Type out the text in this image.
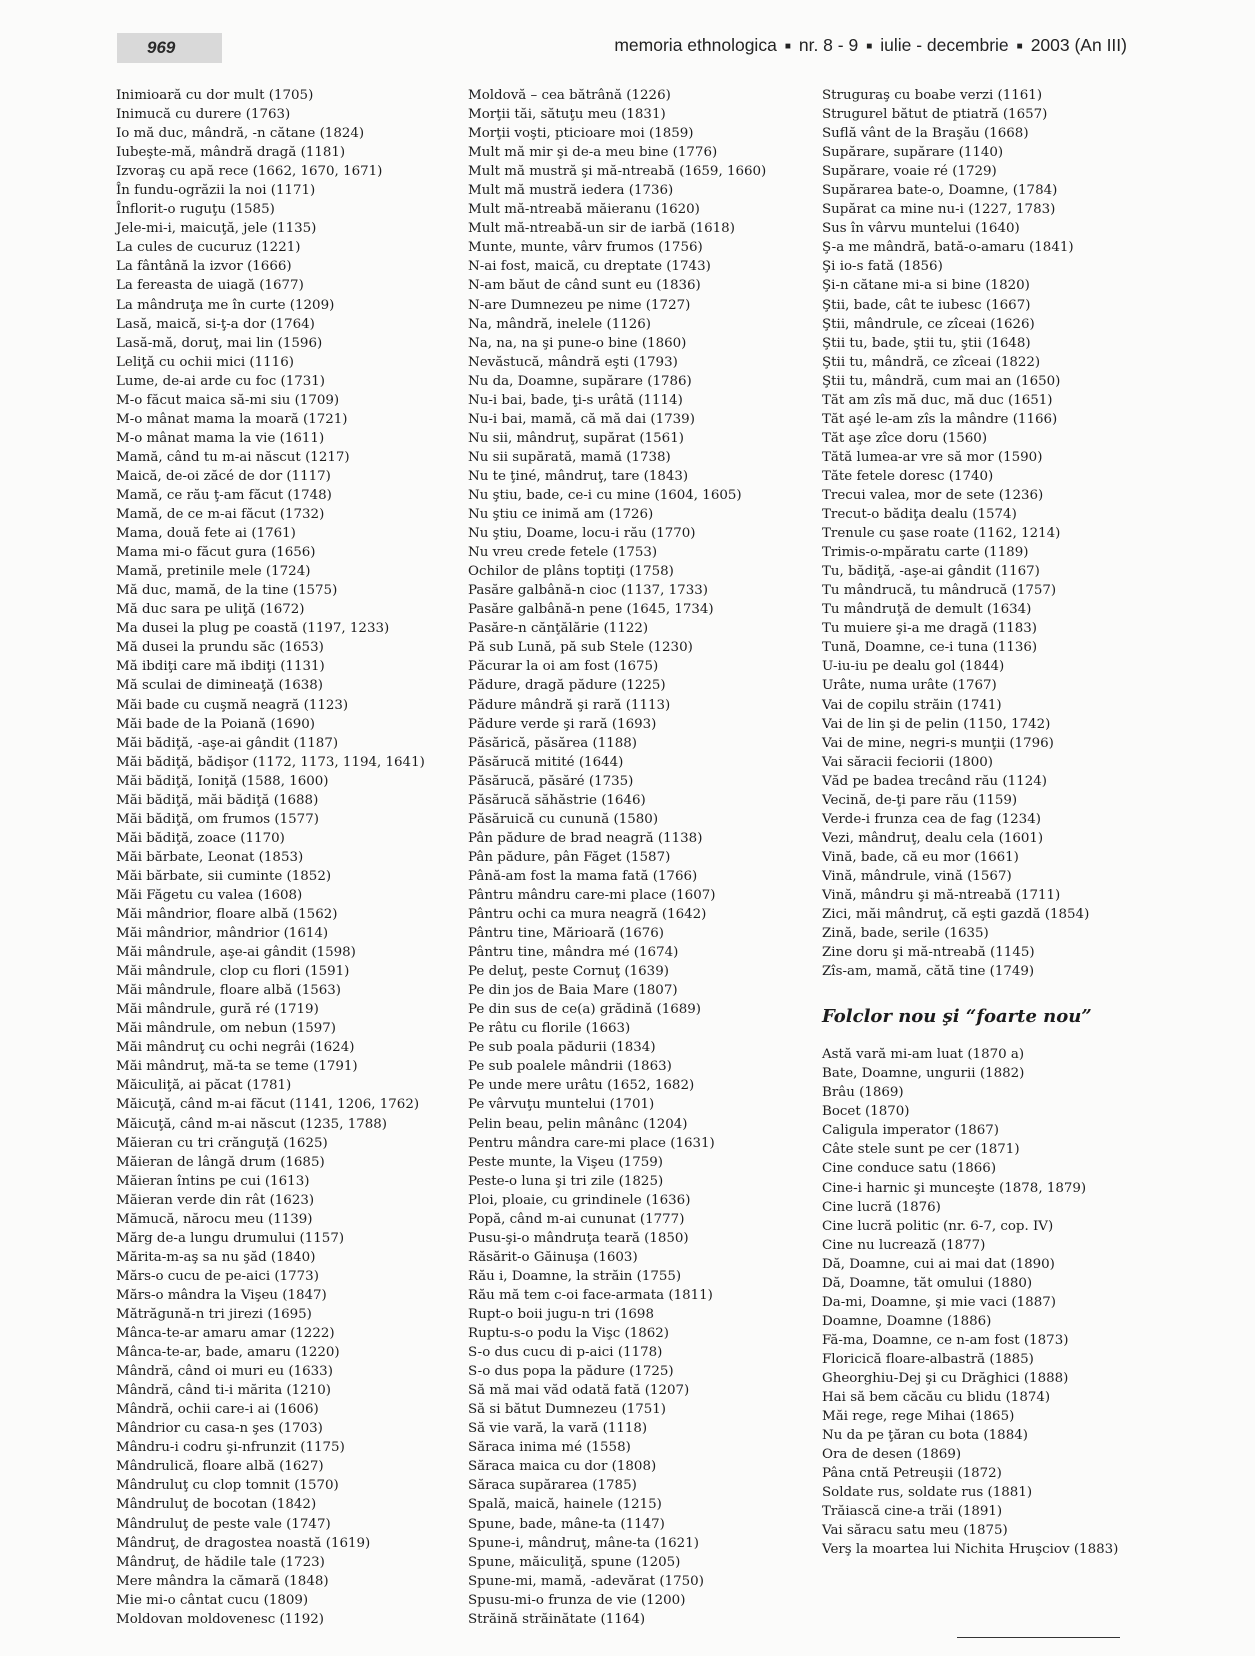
969	memoria ethnologica ■ nr. 8 - 9 ■ iulie - decembrie ■ 2003 (An III)
Inimioară cu dor mult (1705)
Inimucă cu durere (1763)
Io mă duc, mândră, -n cătane (1824)
Iubeşte-mă, mândră dragă (1181)
Izvoraş cu apă rece (1662, 1670, 1671)
În fundu-ogrăzii la noi (1171)
Înflorit-o ruguţu (1585)
Jele-mi-i, maicuţă, jele (1135)
La cules de cucuruz (1221)
La fântână la izvor (1666)
La fereasta de uiagă (1677)
La mândruţa me în curte (1209)
Lasă, maică, si-ţ-a dor (1764)
Lasă-mă, doruţ, mai lin (1596)
Leliţă cu ochii mici (1116)
Lume, de-ai arde cu foc (1731)
M-o făcut maica să-mi siu (1709)
M-o mânat mama la moară (1721)
M-o mânat mama la vie (1611)
Mamă, când tu m-ai născut (1217)
Maică, de-oi zăcé de dor (1117)
Mamă, ce rău ţ-am făcut (1748)
Mamă, de ce m-ai făcut (1732)
Mama, două fete ai (1761)
Mama mi-o făcut gura (1656)
Mamă, pretinile mele (1724)
Mă duc, mamă, de la tine (1575)
Mă duc sara pe uliţă (1672)
Ma dusei la plug pe coastă (1197, 1233)
Mă dusei la prundu săc (1653)
Mă ibdiţi care mă ibdiţi (1131)
Mă sculai de dimineaţă (1638)
Măi bade cu cuşmă neagră (1123)
Măi bade de la Poiană (1690)
Măi bădiţă, -aşe-ai gândit (1187)
Măi bădiţă, bădişor (1172, 1173, 1194, 1641)
Măi bădiţă, Ioniţă (1588, 1600)
Măi bădiţă, măi bădiţă (1688)
Măi bădiţă, om frumos (1577)
Măi bădiţă, zoace (1170)
Măi bărbate, Leonat (1853)
Măi bărbate, sii cuminte (1852)
Măi Făgetu cu valea (1608)
Măi mândrior, floare albă (1562)
Măi mândrior, mândrior (1614)
Măi mândrule, aşe-ai gândit (1598)
Măi mândrule, clop cu flori (1591)
Măi mândrule, floare albă (1563)
Măi mândrule, gură ré (1719)
Măi mândrule, om nebun (1597)
Măi mândruţ cu ochi negrâi (1624)
Măi mândruţ, mă-ta se teme (1791)
Măiculiţă, ai păcat (1781)
Măicuţă, când m-ai făcut (1141, 1206, 1762)
Măicuţă, când m-ai născut (1235, 1788)
Măieran cu tri crănguţă (1625)
Măieran de lângă drum (1685)
Măieran întins pe cui (1613)
Măieran verde din rât (1623)
Mămucă, nărocu meu (1139)
Mărg de-a lungu drumului (1157)
Mărita-m-aş sa nu şăd (1840)
Mărs-o cucu de pe-aici (1773)
Mărs-o mândra la Vişeu (1847)
Mătrăgună-n tri jirezi (1695)
Mânca-te-ar amaru amar (1222)
Mânca-te-ar, bade, amaru (1220)
Mândră, când oi muri eu (1633)
Mândră, când ti-i mărita (1210)
Mândră, ochii care-i ai (1606)
Mândrior cu casa-n şes (1703)
Mândru-i codru şi-nfrunzit (1175)
Mândrulică, floare albă (1627)
Mândruluţ cu clop tomnit (1570)
Mândruluţ de bocotan (1842)
Mândruluţ de peste vale (1747)
Mândruţ, de dragostea noastă (1619)
Mândruţ, de hădile tale (1723)
Mere mândra la cămară (1848)
Mie mi-o cântat cucu (1809)
Moldovan moldovenesc (1192)
Moldovă – cea bătrână (1226)
Morţii tăi, sătuţu meu (1831)
Morţii voşti, pticioare moi (1859)
Mult mă mir şi de-a meu bine (1776)
Mult mă mustră şi mă-ntreabă (1659, 1660)
Mult mă mustră iedera (1736)
Mult mă-ntreabă măieranu (1620)
Mult mă-ntreabă-un sir de iarbă (1618)
Munte, munte, vârv frumos (1756)
N-ai fost, maică, cu dreptate (1743)
N-am băut de când sunt eu (1836)
N-are Dumnezeu pe nime (1727)
Na, mândră, inelele (1126)
Na, na, na şi pune-o bine (1860)
Nevăstucă, mândră eşti (1793)
Nu da, Doamne, supărare (1786)
Nu-i bai, bade, ţi-s urâtă (1114)
Nu-i bai, mamă, că mă dai (1739)
Nu sii, mândruţ, supărat (1561)
Nu sii supărată, mamă (1738)
Nu te ţiné, mândruţ, tare (1843)
Nu ştiu, bade, ce-i cu mine (1604, 1605)
Nu ştiu ce inimă am (1726)
Nu ştiu, Doame, locu-i rău (1770)
Nu vreu crede fetele (1753)
Ochilor de plâns toptiţi (1758)
Pasăre galbână-n cioc (1137, 1733)
Pasăre galbână-n pene (1645, 1734)
Pasăre-n cănţălărie (1122)
Pă sub Lună, pă sub Stele (1230)
Păcurar la oi am fost (1675)
Pădure, dragă pădure (1225)
Pădure mândră şi rară (1113)
Pădure verde şi rară (1693)
Păsărică, păsărea (1188)
Păsărucă mitité (1644)
Păsărucă, păsăré (1735)
Păsărucă săhăstrie (1646)
Păsăruică cu cunună (1580)
Pân pădure de brad neagră (1138)
Pân pădure, pân Făget (1587)
Până-am fost la mama fată (1766)
Pântru mândru care-mi place (1607)
Pântru ochi ca mura neagră (1642)
Pântru tine, Mărioară (1676)
Pântru tine, mândra mé (1674)
Pe deluţ, peste Cornuţ (1639)
Pe din jos de Baia Mare (1807)
Pe din sus de ce(a) grădină (1689)
Pe râtu cu florile (1663)
Pe sub poala pădurii (1834)
Pe sub poalele mândrii (1863)
Pe unde mere urâtu (1652, 1682)
Pe vârvuţu muntelui (1701)
Pelin beau, pelin mânânc (1204)
Pentru mândra care-mi place (1631)
Peste munte, la Vişeu (1759)
Peste-o luna şi tri zile (1825)
Ploi, ploaie, cu grindinele (1636)
Popă, când m-ai cununat (1777)
Pusu-şi-o mândruţa teară (1850)
Răsărit-o Găinuşa (1603)
Rău i, Doamne, la străin (1755)
Rău mă tem c-oi face-armata (1811)
Rupt-o boii jugu-n tri (1698
Ruptu-s-o podu la Vişc (1862)
S-o dus cucu di p-aici (1178)
S-o dus popa la pădure (1725)
Să mă mai văd odată fată (1207)
Să si bătut Dumnezeu (1751)
Să vie vară, la vară (1118)
Săraca inima mé (1558)
Săraca maica cu dor (1808)
Săraca supărarea (1785)
Spală, maică, hainele (1215)
Spune, bade, mâne-ta (1147)
Spune-i, mândruţ, mâne-ta (1621)
Spune, măiculiţă, spune (1205)
Spune-mi, mamă, -adevărat (1750)
Spusu-mi-o frunza de vie (1200)
Străină străinătate (1164)
Strugurаş cu boabe verzi (1161)
Strugurel bătut de ptiatră (1657)
Suflă vânt de la Braşău (1668)
Supărare, supărare (1140)
Supărare, voaie ré (1729)
Supărarea bate-o, Doamne, (1784)
Supărat ca mine nu-i (1227, 1783)
Sus în vârvu muntelui (1640)
Ş-a me mândră, bată-o-amaru (1841)
Şi io-s fată (1856)
Şi-n cătane mi-a si bine (1820)
Ştii, bade, cât te iubesc (1667)
Ştii, mândrule, ce zîceai (1626)
Ştii tu, bade, ştii tu, ştii (1648)
Ştii tu, mândră, ce zîceai (1822)
Ştii tu, mândră, cum mai an (1650)
Tăt am zîs mă duc, mă duc (1651)
Tăt aşé le-am zîs la mândre (1166)
Tăt aşe zîce doru (1560)
Tătă lumea-ar vre să mor (1590)
Tăte fetele doresc (1740)
Trecui valea, mor de sete (1236)
Trecut-o bădiţa dealu (1574)
Trenule cu şase roate (1162, 1214)
Trimis-o-mpăratu carte (1189)
Tu, bădiţă, -aşe-ai gândit (1167)
Tu mândrucă, tu mândrucă (1757)
Tu mândruţă de demult (1634)
Tu muiere şi-a me dragă (1183)
Tună, Doamne, ce-i tuna (1136)
U-iu-iu pe dealu gol (1844)
Urâte, numa urâte (1767)
Vai de copilu străin (1741)
Vai de lin şi de pelin (1150, 1742)
Vai de mine, negri-s munţii (1796)
Vai săracii feciorii (1800)
Văd pe badea trecând rău (1124)
Vecină, de-ţi pare rău (1159)
Verde-i frunza cea de fag (1234)
Vezi, mândruţ, dealu cela (1601)
Vină, bade, că eu mor (1661)
Vină, mândrule, vină (1567)
Vină, mândru şi mă-ntreabă (1711)
Zici, măi mândruţ, că eşti gazdă (1854)
Zină, bade, serile (1635)
Zine doru şi mă-ntreabă (1145)
Zîs-am, mamă, cătă tine (1749)
Folclor nou şi “foarte nou”
Astă vară mi-am luat (1870 a)
Bate, Doamne, ungurii (1882)
Brâu (1869)
Bocet (1870)
Caligula imperator (1867)
Câte stele sunt pe cer (1871)
Cine conduce satu (1866)
Cine-i harnic şi munceşte (1878, 1879)
Cine lucră (1876)
Cine lucră politic (nr. 6-7, cop. IV)
Cine nu lucrează (1877)
Dă, Doamne, cui ai mai dat (1890)
Dă, Doamne, tăt omului (1880)
Da-mi, Doamne, şi mie vaci (1887)
Doamne, Doamne (1886)
Fă-ma, Doamne, ce n-am fost (1873)
Floricică floare-albastră (1885)
Gheorghiu-Dej şi cu Drăghici (1888)
Hai să bem căcău cu blidu (1874)
Măi rege, rege Mihai (1865)
Nu da pe ţăran cu bota (1884)
Ora de desen (1869)
Pâna cntă Petreuşii (1872)
Soldate rus, soldate rus (1881)
Trăiască cine-a trăi (1891)
Vai săracu satu meu (1875)
Verş la moartea lui Nichita Hruşciov (1883)
